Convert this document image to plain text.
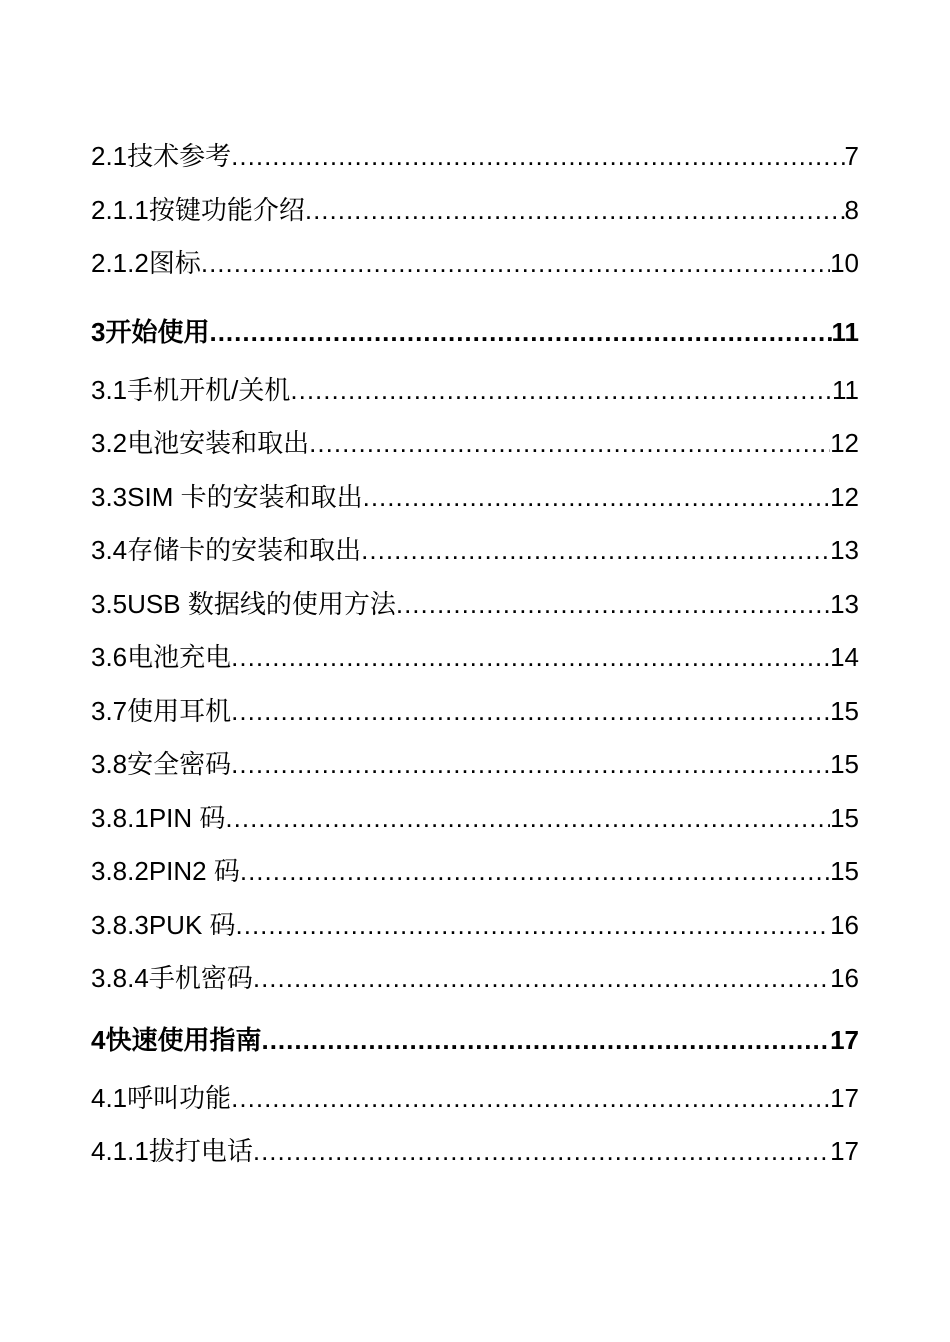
2.1 技术参考 .....	7
2.1.1 按键功能介绍 .....	8
2.1.2 图标 .....	10
3 开始使用 .....	11
3.1 手机开机/关机 .....	11
3.2 电池安装和取出 .....	12
3.3 SIM 卡的安装和取出 .....	12
3.4 存储卡的安装和取出 .....	13
3.5 USB 数据线的使用方法 .....	13
3.6 电池充电 .....	14
3.7 使用耳机 .....	15
3.8 安全密码 .....	15
3.8.1 PIN 码 .....	15
3.8.2 PIN2 码 .....	15
3.8.3 PUK 码 .....	16
3.8.4 手机密码 .....	16
4 快速使用指南 .....	17
4.1 呼叫功能 .....	17
4.1.1 拔打电话 .....	17
